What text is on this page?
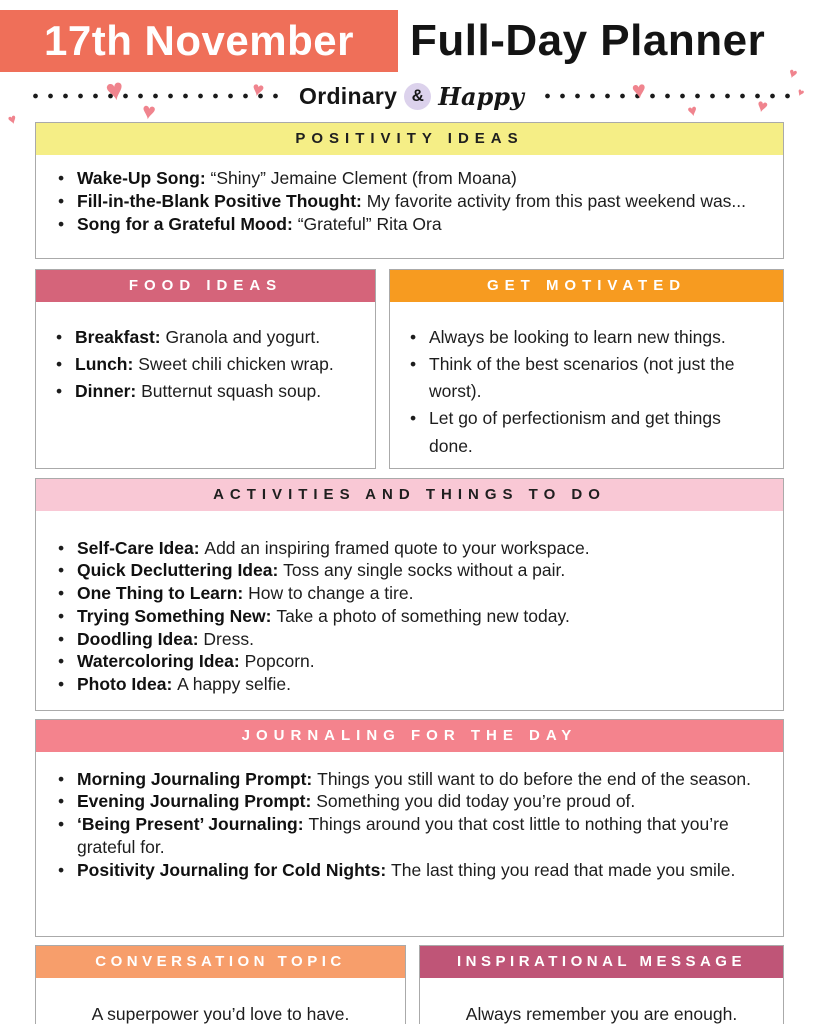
17th November Full-Day Planner
Ordinary & Happy
♥
♥
♥
♥
♥
♥
♥
♥
♥
POSITIVITY IDEAS
• Wake-Up Song: “Shiny” Jemaine Clement (from Moana)
• Fill-in-the-Blank Positive Thought: My favorite activity from this past weekend was...
• Song for a Grateful Mood: “Grateful” Rita Ora
FOOD IDEAS
• Breakfast: Granola and yogurt.
• Lunch: Sweet chili chicken wrap.
• Dinner: Butternut squash soup.
GET MOTIVATED
• Always be looking to learn new things.
• Think of the best scenarios (not just the worst).
• Let go of perfectionism and get things done.
ACTIVITIES AND THINGS TO DO
• Self-Care Idea: Add an inspiring framed quote to your workspace.
• Quick Decluttering Idea: Toss any single socks without a pair.
• One Thing to Learn: How to change a tire.
• Trying Something New: Take a photo of something new today.
• Doodling Idea: Dress.
• Watercoloring Idea: Popcorn.
• Photo Idea: A happy selfie.
JOURNALING FOR THE DAY
• Morning Journaling Prompt: Things you still want to do before the end of the season.
• Evening Journaling Prompt: Something you did today you’re proud of.
• ‘Being Present’ Journaling: Things around you that cost little to nothing that you’re grateful for.
• Positivity Journaling for Cold Nights: The last thing you read that made you smile.
CONVERSATION TOPIC
A superpower you’d love to have.
INSPIRATIONAL MESSAGE
Always remember you are enough.
